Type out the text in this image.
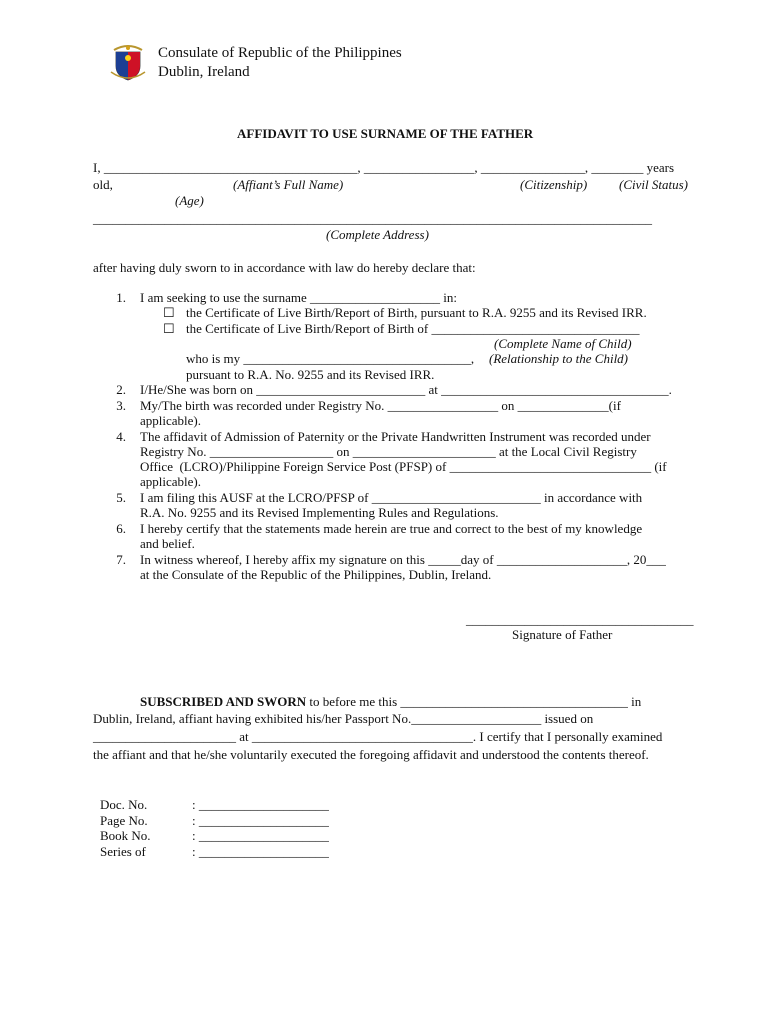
Consulate of Republic of the Philippines
Dublin, Ireland
AFFIDAVIT TO USE SURNAME OF THE FATHER
I, _______________________________________, _________________, ________________, ________ years
old,	(Affiant’s Full Name)	(Citizenship) (Civil Status)
(Age)
______________________________________________________________________________________
(Complete Address)
after having duly sworn to in accordance with law do hereby declare that:
1. I am seeking to use the surname ____________________ in:
☐ the Certificate of Live Birth/Report of Birth, pursuant to R.A. 9255 and its Revised IRR.
☐ the Certificate of Live Birth/Report of Birth of ________________________________
(Complete Name of Child)
who is my ___________________________________, (Relationship to the Child)
pursuant to R.A. No. 9255 and its Revised IRR.
2. I/He/She was born on __________________________ at ___________________________________.
3. My/The birth was recorded under Registry No. _________________ on ______________(if
applicable).
4. The affidavit of Admission of Paternity or the Private Handwritten Instrument was recorded under
Registry No. ___________________ on ______________________ at the Local Civil Registry
Office  (LCRO)/Philippine Foreign Service Post (PFSP) of _______________________________ (if
applicable).
5. I am filing this AUSF at the LCRO/PFSP of __________________________ in accordance with
R.A. No. 9255 and its Revised Implementing Rules and Regulations.
6. I hereby certify that the statements made herein are true and correct to the best of my knowledge
and belief.
7. In witness whereof, I hereby affix my signature on this _____day of ____________________, 20___
at the Consulate of the Republic of the Philippines, Dublin, Ireland.
___________________________________
Signature of Father
SUBSCRIBED AND SWORN to before me this ___________________________________ in
Dublin, Ireland, affiant having exhibited his/her Passport No.____________________ issued on
______________________ at __________________________________. I certify that I personally examined
the affiant and that he/she voluntarily executed the foregoing affidavit and understood the contents thereof.
Doc. No.	: ____________________
Page No.	: ____________________
Book No.	: ____________________
Series of	: ____________________
